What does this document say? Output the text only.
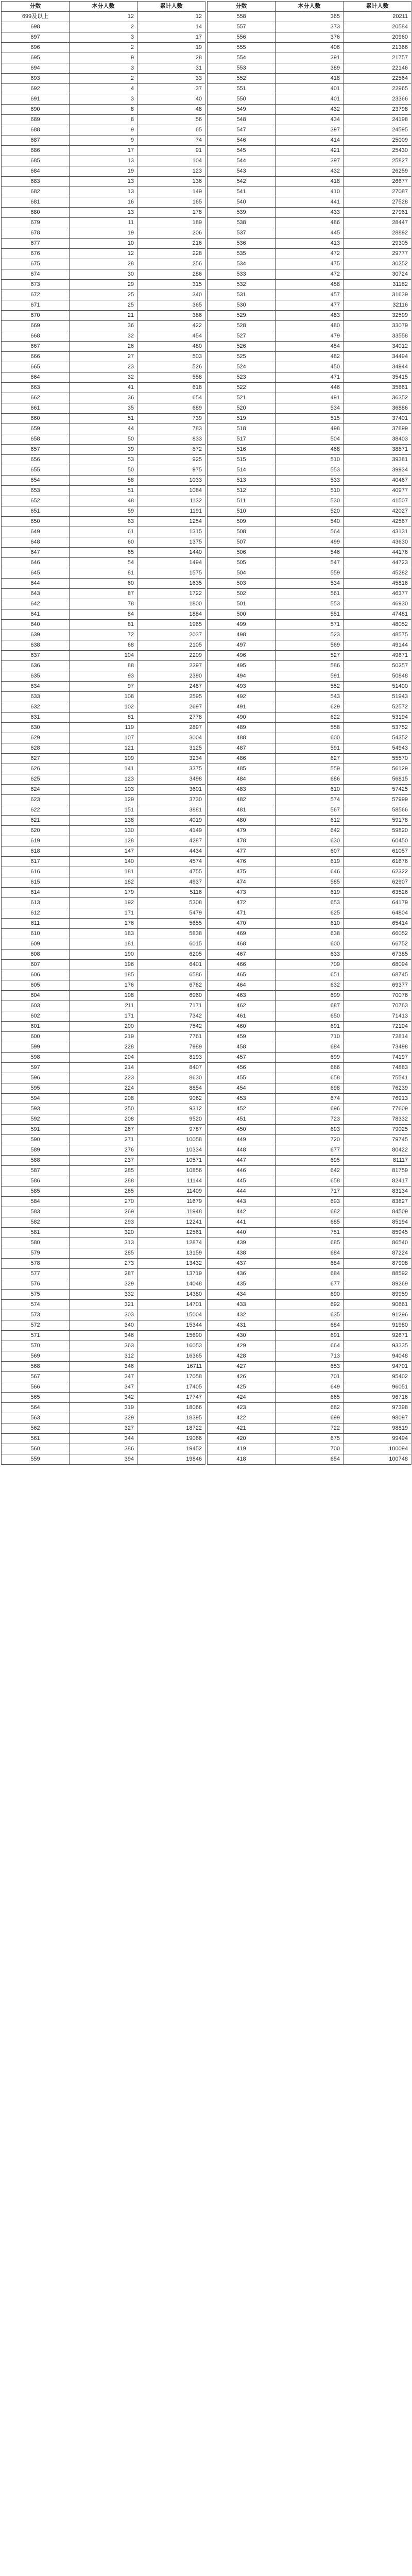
分数	本分人数	累计人数
699及以上	12	12
698	2	14
697	3	17
696	2	19
695	9	28
694	3	31
693	2	33
692	4	37
691	3	40
690	8	48
689	8	56
688	9	65
687	9	74
686	17	91
685	13	104
684	19	123
683	13	136
682	13	149
681	16	165
680	13	178
679	11	189
678	19	206
677	10	216
676	12	228
675	28	256
674	30	286
673	29	315
672	25	340
671	25	365
670	21	386
669	36	422
668	32	454
667	26	480
666	27	503
665	23	526
664	32	558
663	41	618
662	36	654
661	35	689
660	51	739
659	44	783
658	50	833
657	39	872
656	53	925
655	50	975
654	58	1033
653	51	1084
652	48	1132
651	59	1191
650	63	1254
649	61	1315
648	60	1375
647	65	1440
646	54	1494
645	81	1575
644	60	1635
643	87	1722
642	78	1800
641	84	1884
640	81	1965
639	72	2037
638	68	2105
637	104	2209
636	88	2297
635	93	2390
634	97	2487
633	108	2595
632	102	2697
631	81	2778
630	119	2897
629	107	3004
628	121	3125
627	109	3234
626	141	3375
625	123	3498
624	103	3601
623	129	3730
622	151	3881
621	138	4019
620	130	4149
619	128	4287
618	147	4434
617	140	4574
616	181	4755
615	182	4937
614	179	5116
613	192	5308
612	171	5479
611	176	5655
610	183	5838
609	181	6015
608	190	6205
607	196	6401
606	185	6586
605	176	6762
604	198	6960
603	211	7171
602	171	7342
601	200	7542
600	219	7761
599	228	7989
598	204	8193
597	214	8407
596	223	8630
595	224	8854
594	208	9062
593	250	9312
592	208	9520
591	267	9787
590	271	10058
589	276	10334
588	237	10571
587	285	10856
586	288	11144
585	265	11409
584	270	11679
583	269	11948
582	293	12241
581	320	12561
580	313	12874
579	285	13159
578	273	13432
577	287	13719
576	329	14048
575	332	14380
574	321	14701
573	303	15004
572	340	15344
571	346	15690
570	363	16053
569	312	16365
568	346	16711
567	347	17058
566	347	17405
565	342	17747
564	319	18066
563	329	18395
562	327	18722
561	344	19066
560	386	19452
559	394	19846
分数	本分人数	累计人数
558	365	20211
557	373	20584
556	376	20960
555	406	21366
554	391	21757
553	389	22146
552	418	22564
551	401	22965
550	401	23366
549	432	23798
548	434	24198
547	397	24595
546	414	25009
545	421	25430
544	397	25827
543	432	26259
542	418	26677
541	410	27087
540	441	27528
539	433	27961
538	486	28447
537	445	28892
536	413	29305
535	472	29777
534	475	30252
533	472	30724
532	458	31182
531	457	31639
530	477	32116
529	483	32599
528	480	33079
527	479	33558
526	454	34012
525	482	34494
524	450	34944
523	471	35415
522	446	35861
521	491	36352
520	534	36886
519	515	37401
518	498	37899
517	504	38403
516	468	38871
515	510	39381
514	553	39934
513	533	40467
512	510	40977
511	530	41507
510	520	42027
509	540	42567
508	564	43131
507	499	43630
506	546	44176
505	547	44723
504	559	45282
503	534	45816
502	561	46377
501	553	46930
500	551	47481
499	571	48052
498	523	48575
497	569	49144
496	527	49671
495	586	50257
494	591	50848
493	552	51400
492	543	51943
491	629	52572
490	622	53194
489	558	53752
488	600	54352
487	591	54943
486	627	55570
485	559	56129
484	686	56815
483	610	57425
482	574	57999
481	567	58566
480	612	59178
479	642	59820
478	630	60450
477	607	61057
476	619	61676
475	646	62322
474	585	62907
473	619	63526
472	653	64179
471	625	64804
470	610	65414
469	638	66052
468	600	66752
467	633	67385
466	709	68094
465	651	68745
464	632	69377
463	699	70076
462	687	70763
461	650	71413
460	691	72104
459	710	72814
458	684	73498
457	699	74197
456	686	74883
455	658	75541
454	698	76239
453	674	76913
452	696	77609
451	723	78332
450	693	79025
449	720	79745
448	677	80422
447	695	81117
446	642	81759
445	658	82417
444	717	83134
443	693	83827
442	682	84509
441	685	85194
440	751	85945
439	685	86540
438	684	87224
437	684	87908
436	684	88592
435	677	89269
434	690	89959
433	692	90661
432	635	91296
431	684	91980
430	691	92671
429	664	93335
428	713	94048
427	653	94701
426	701	95402
425	649	96051
424	665	96716
423	682	97398
422	699	98097
421	722	98819
420	675	99494
419	700	100094
418	654	100748
